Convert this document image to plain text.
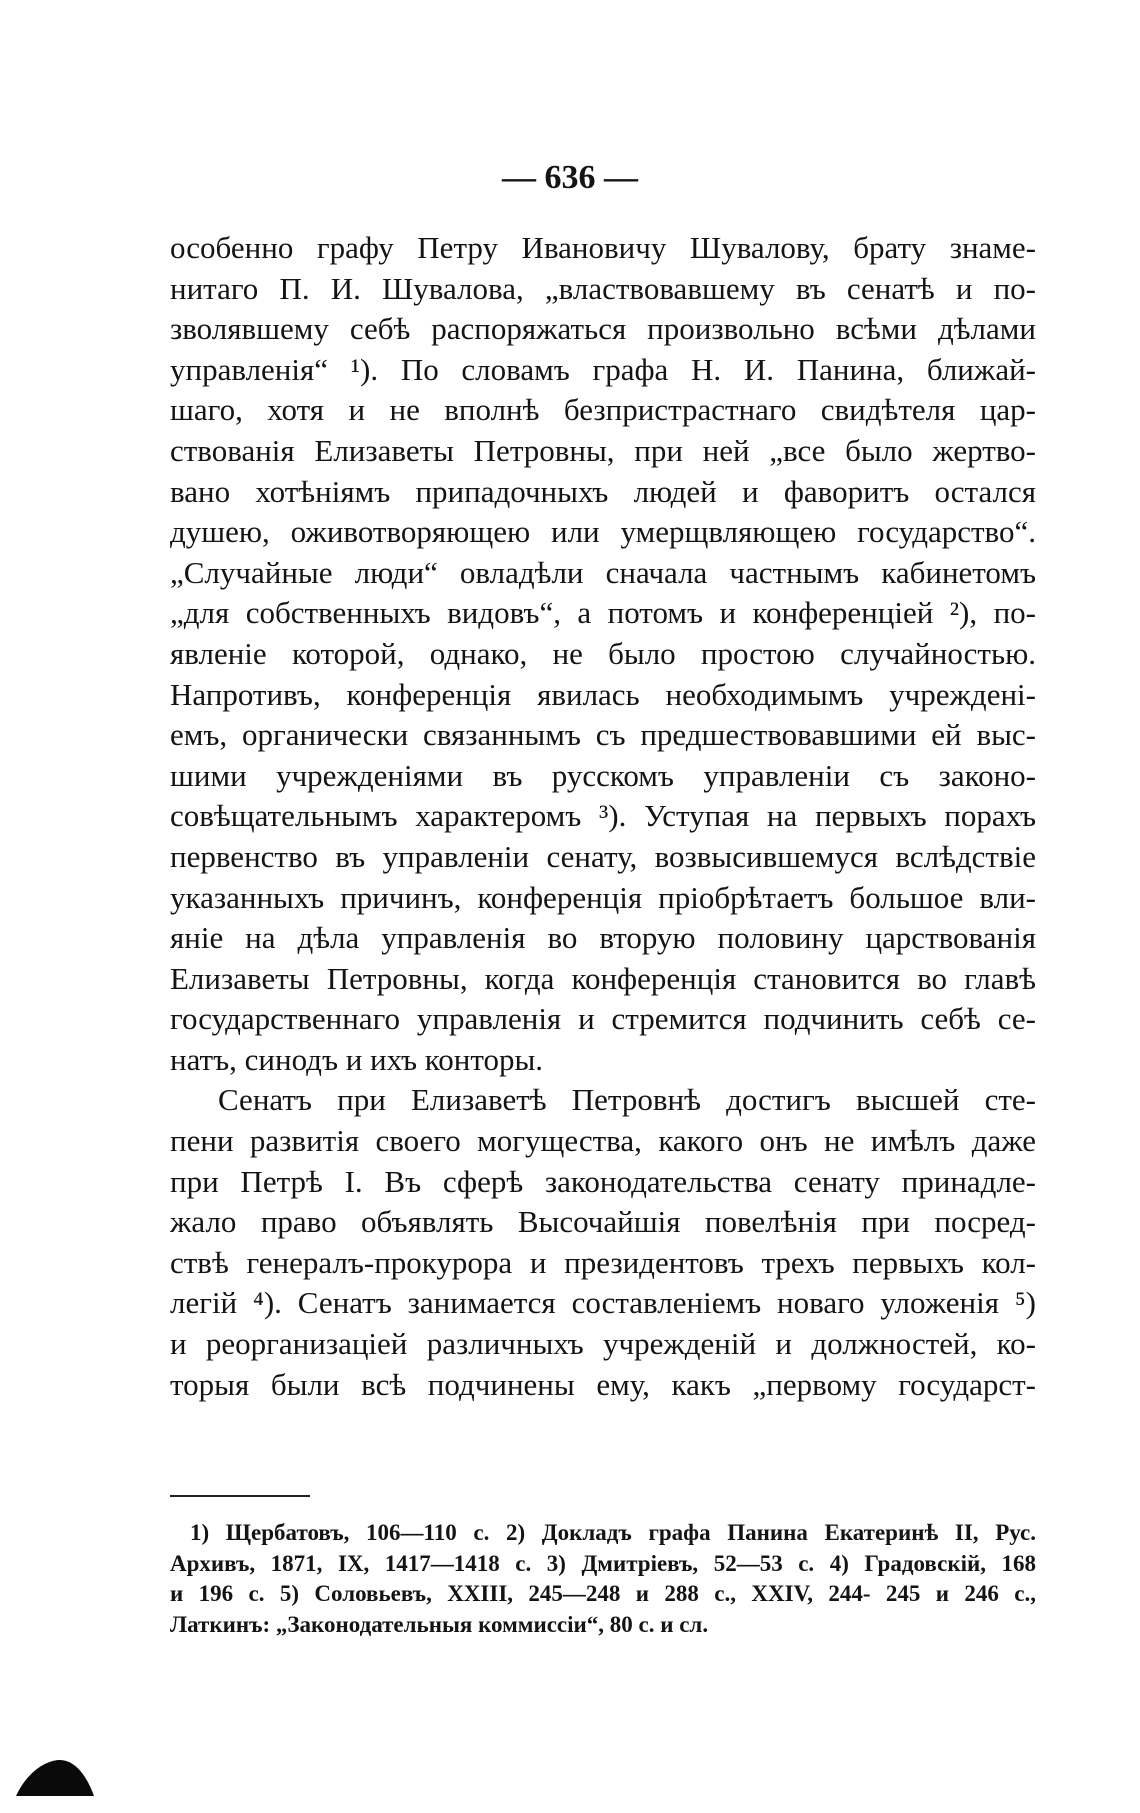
— 636 —
особенно графу Петру Ивановичу Шувалову, брату знаме-
нитаго П. И. Шувалова, „властвовавшему въ сенатѣ и по-
зволявшему себѣ распоряжаться произвольно всѣми дѣлами
управленія“ ¹). По словамъ графа Н. И. Панина, ближай-
шаго, хотя и не вполнѣ безпристрастнаго свидѣтеля цар-
ствованія Елизаветы Петровны, при ней „все было жертво-
вано хотѣніямъ припадочныхъ людей и фаворитъ остался
душею, оживотворяющею или умерщвляющею государство“.
„Случайные люди“ овладѣли сначала частнымъ кабинетомъ
„для собственныхъ видовъ“, а потомъ и конференціей ²), по-
явленіе которой, однако, не было простою случайностью.
Напротивъ, конференція явилась необходимымъ учрежденi-
емъ, органически связаннымъ съ предшествовавшими ей выс-
шими учрежденіями въ русскомъ управленіи съ законо-
совѣщательнымъ характеромъ ³). Уступая на первыхъ порахъ
первенство въ управленіи сенату, возвысившемуся вслѣдствіе
указанныхъ причинъ, конференція пріобрѣтаетъ большое вли-
яніе на дѣла управленія во вторую половину царствованія
Елизаветы Петровны, когда конференція становится во главѣ
государственнаго управленія и стремится подчинить себѣ се-
натъ, синодъ и ихъ конторы.
Сенатъ при Елизаветѣ Петровнѣ достигъ высшей сте-
пени развитія своего могущества, какого онъ не имѣлъ даже
при Петрѣ I. Въ сферѣ законодательства сенату принадле-
жало право объявлять Высочайшія повелѣнія при посред-
ствѣ генералъ-прокурора и президентовъ трехъ первыхъ кол-
легій ⁴). Сенатъ занимается составленіемъ новаго уложенія ⁵)
и реорганизаціей различныхъ учрежденій и должностей, ко-
торыя были всѣ подчинены ему, какъ „первому государст-
1) Щербатовъ, 106—110 с. 2) Докладъ графа Панина Екатеринѣ II, Рус.
Архивъ, 1871, IX, 1417—1418 с. 3) Дмитріевъ, 52—53 с. 4) Градовскій, 168
и 196 с. 5) Соловьевъ, XXIII, 245—248 и 288 с., XXIV, 244- 245 и 246 с.,
Латкинъ: „Законодательныя коммиссіи“, 80 с. и сл.
